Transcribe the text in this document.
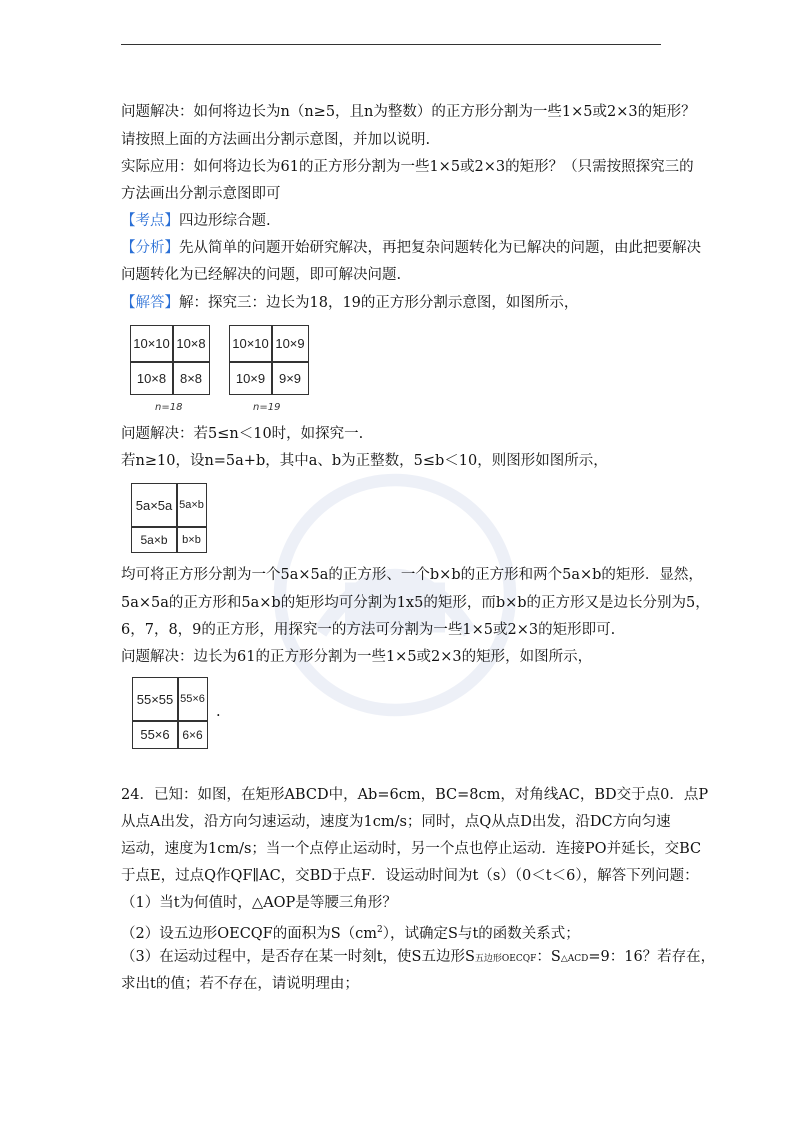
问题解决：如何将边长为n（n≥5，且n为整数）的正方形分割为一些1×5或2×3的矩形？
请按照上面的方法画出分割示意图，并加以说明.
实际应用：如何将边长为61的正方形分割为一些1×5或2×3的矩形？（只需按照探究三的
方法画出分割示意图即可
【考点】四边形综合题.
【分析】先从简单的问题开始研究解决，再把复杂问题转化为已解决的问题，由此把要解决
问题转化为已经解决的问题，即可解决问题.
【解答】解：探究三：边长为18，19的正方形分割示意图，如图所示，
10×10 10×8
10×8	8×8
n=18
10×10 10×9
10×9	9×9
n=19
问题解决：若5≤n＜10时，如探究一.
若n≥10，设n=5a+b，其中a、b为正整数，5≤b＜10，则图形如图所示，
5a×5a 5a×b
5a×b	b×b
均可将正方形分割为一个5a×5a的正方形、一个b×b的正方形和两个5a×b的矩形．显然，
5a×5a的正方形和5a×b的矩形均可分割为1x5的矩形，而b×b的正方形又是边长分别为5，
6，7，8，9的正方形，用探究一的方法可分割为一些1×5或2×3的矩形即可.
问题解决：边长为61的正方形分割为一些1×5或2×3的矩形，如图所示，
55×55 55×6
55×6	6×6
.
24．已知：如图，在矩形ABCD中，Ab=6cm，BC=8cm，对角线AC，BD交于点0．点P
从点A出发，沿方向匀速运动，速度为1cm/s；同时，点Q从点D出发，沿DC方向匀速
运动，速度为1cm/s；当一个点停止运动时，另一个点也停止运动．连接PO并延长，交BC
于点E，过点Q作QF∥AC，交BD于点F．设运动时间为t（s）（0＜t＜6），解答下列问题：
（1）当t为何值时，△AOP是等腰三角形？
（2）设五边形OECQF的面积为$S(cm^2)$，试确定S与t的函数关系式；
（3）在运动过程中，是否存在某一时刻t，使S五边形S五边形OECQF：S△ACD=9：16？若存在，
求出t的值；若不存在，请说明理由；
